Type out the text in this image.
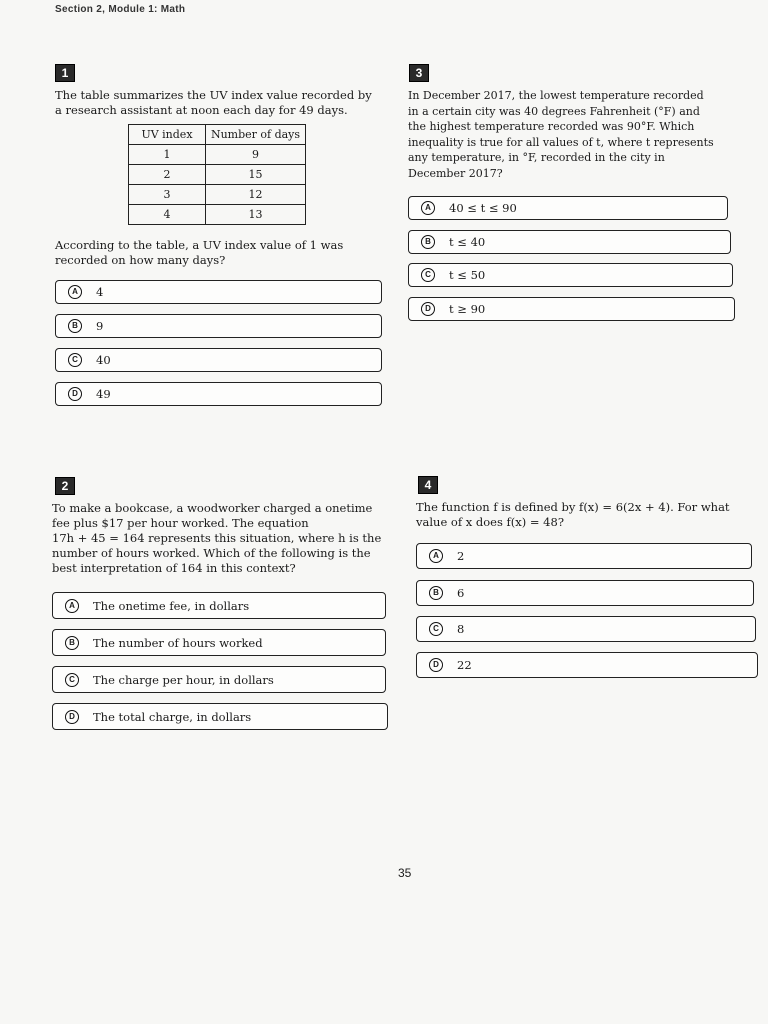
Section 2, Module 1: Math
1

The table summarizes the UV index value recorded by
a research assistant at noon each day for 49 days.

UV index	Number of days
1	9
2	15
3	12
4	13

According to the table, a UV index value of 1 was
recorded on how many days?

A	4
B	9
C	40
D	49
2

To make a bookcase, a woodworker charged a onetime
fee plus $17 per hour worked. The equation
17h + 45 = 164 represents this situation, where h is the
number of hours worked. Which of the following is the
best interpretation of 164 in this context?

A	The onetime fee, in dollars
B	The number of hours worked
C	The charge per hour, in dollars
D	The total charge, in dollars
3

In December 2017, the lowest temperature recorded
in a certain city was 40 degrees Fahrenheit (°F) and
the highest temperature recorded was 90°F. Which
inequality is true for all values of t, where t represents
any temperature, in °F, recorded in the city in
December 2017?

A	40 ≤ t ≤ 90
B	t ≤ 40
C	t ≤ 50
D	t ≥ 90
4

The function f is defined by f(x) = 6(2x + 4). For what
value of x does f(x) = 48?

A	2
B	6
C	8
D	22
35
